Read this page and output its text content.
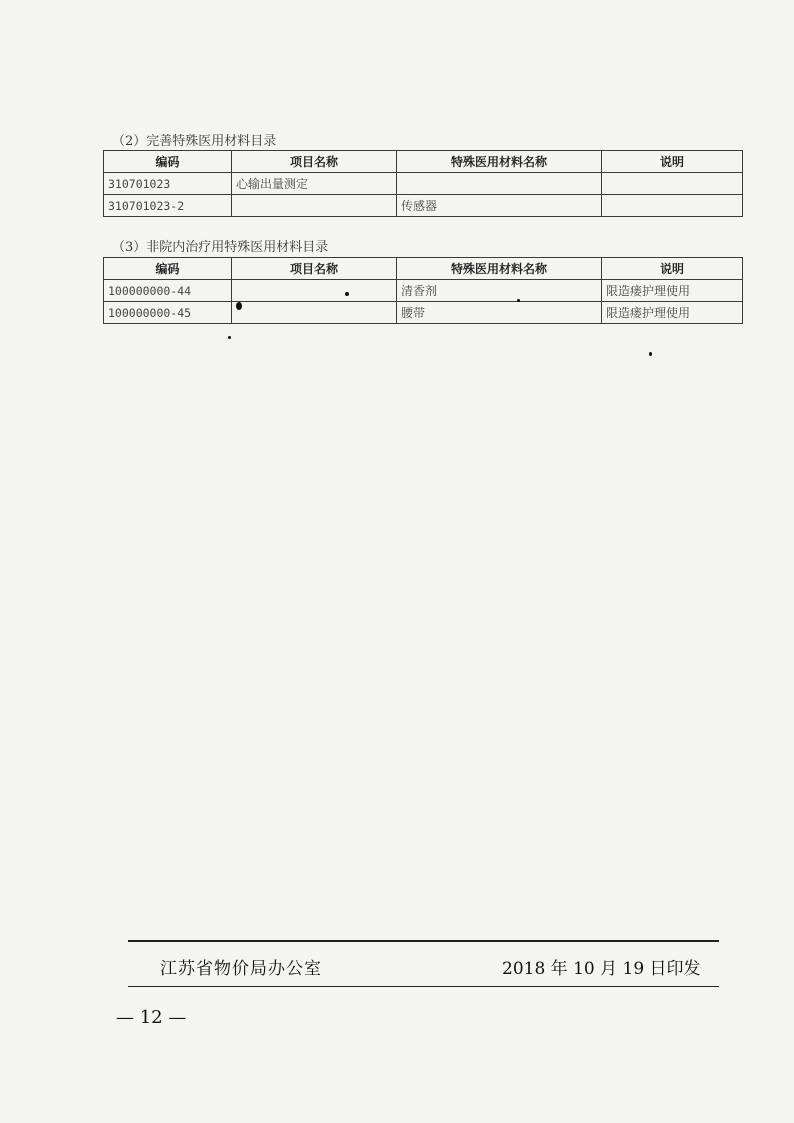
（2）完善特殊医用材料目录
编码	项目名称	特殊医用材料名称	说明
310701023	心输出量测定		
310701023-2		传感器	
（3）非院内治疗用特殊医用材料目录
编码	项目名称	特殊医用材料名称	说明
100000000-44		清香剂	限造瘘护理使用
100000000-45		腰带	限造瘘护理使用
江苏省物价局办公室	2018 年 10 月 19 日印发
— 12 —
